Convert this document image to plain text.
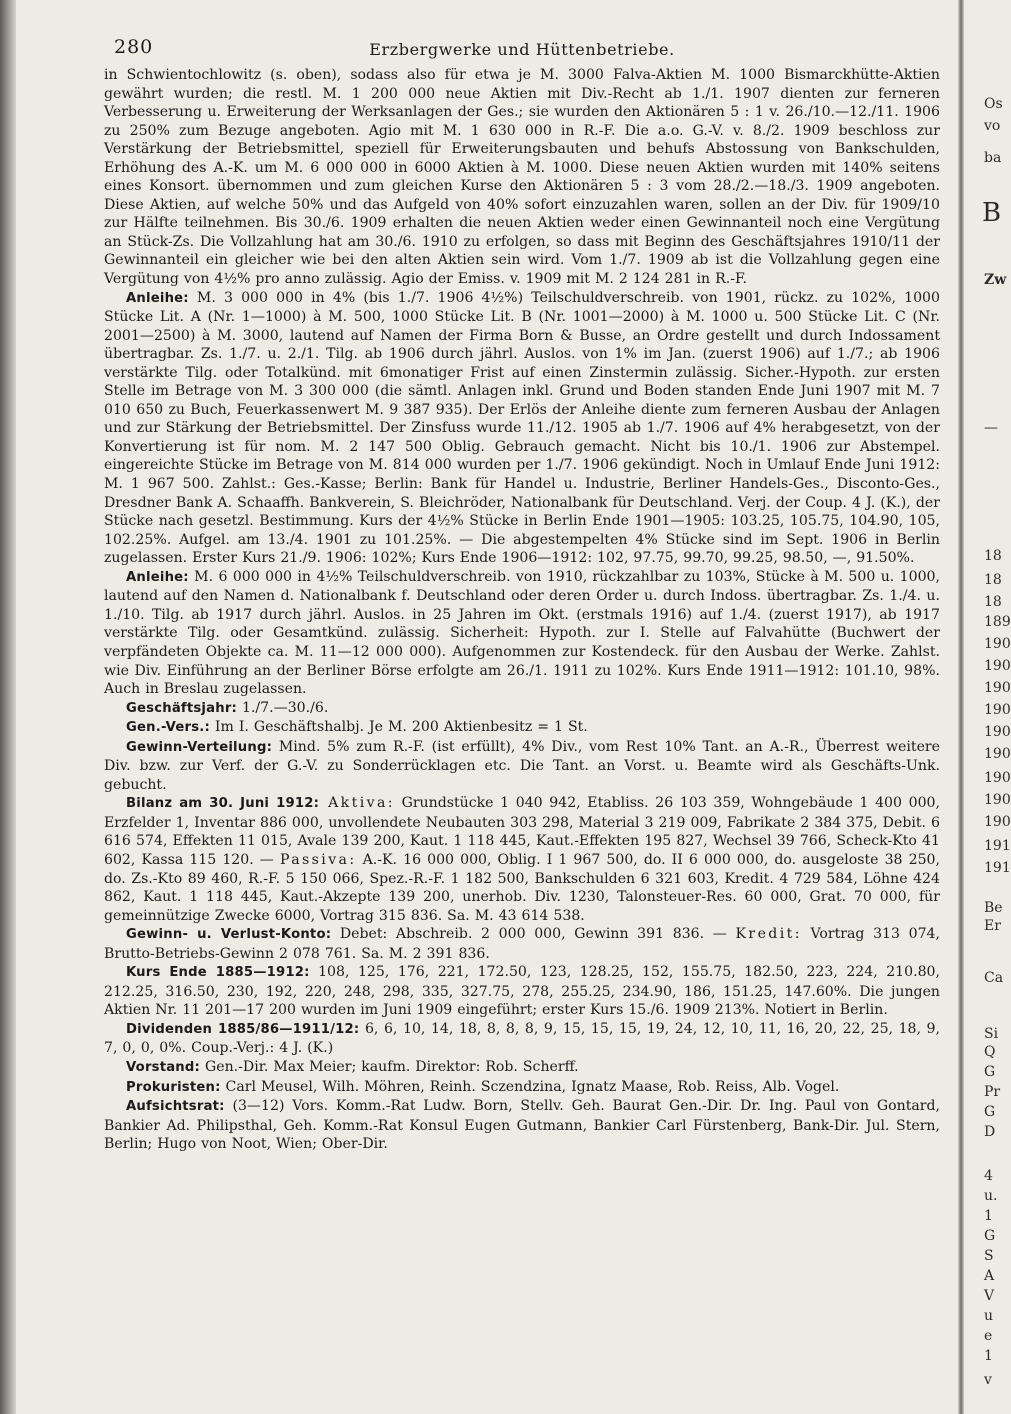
280	Erzbergwerke und Hüttenbetriebe.

in Schwientochlowitz (s. oben), sodass also für etwa je M. 3000 Falva-Aktien M. 1000 Bismarckhütte-Aktien gewährt wurden; die restl. M. 1 200 000 neue Aktien mit Div.-Recht ab 1./1. 1907 dienten zur ferneren Verbesserung u. Erweiterung der Werksanlagen der Ges.; sie wurden den Aktionären 5 : 1 v. 26./10.—12./11. 1906 zu 250% zum Bezuge angeboten. Agio mit M. 1 630 000 in R.-F. Die a.o. G.-V. v. 8./2. 1909 beschloss zur Verstärkung der Betriebsmittel, speziell für Erweiterungsbauten und behufs Abstossung von Bankschulden, Erhöhung des A.-K. um M. 6 000 000 in 6000 Aktien à M. 1000. Diese neuen Aktien wurden mit 140% seitens eines Konsort. übernommen und zum gleichen Kurse den Aktionären 5 : 3 vom 28./2.—18./3. 1909 angeboten. Diese Aktien, auf welche 50% und das Aufgeld von 40% sofort einzuzahlen waren, sollen an der Div. für 1909/10 zur Hälfte teilnehmen. Bis 30./6. 1909 erhalten die neuen Aktien weder einen Gewinnanteil noch eine Vergütung an Stück-Zs. Die Vollzahlung hat am 30./6. 1910 zu erfolgen, so dass mit Beginn des Geschäftsjahres 1910/11 der Gewinnanteil ein gleicher wie bei den alten Aktien sein wird. Vom 1./7. 1909 ab ist die Vollzahlung gegen eine Vergütung von 4½% pro anno zulässig. Agio der Emiss. v. 1909 mit M. 2 124 281 in R.-F.

Anleihe: M. 3 000 000 in 4% (bis 1./7. 1906 4½%) Teilschuldverschreib. von 1901, rückz. zu 102%, 1000 Stücke Lit. A (Nr. 1—1000) à M. 500, 1000 Stücke Lit. B (Nr. 1001—2000) à M. 1000 u. 500 Stücke Lit. C (Nr. 2001—2500) à M. 3000, lautend auf Namen der Firma Born & Busse, an Ordre gestellt und durch Indossament übertragbar. Zs. 1./7. u. 2./1. Tilg. ab 1906 durch jährl. Auslos. von 1% im Jan. (zuerst 1906) auf 1./7.; ab 1906 verstärkte Tilg. oder Totalkünd. mit 6monatiger Frist auf einen Zinstermin zulässig. Sicher.-Hypoth. zur ersten Stelle im Betrage von M. 3 300 000 (die sämtl. Anlagen inkl. Grund und Boden standen Ende Juni 1907 mit M. 7 010 650 zu Buch, Feuerkassenwert M. 9 387 935). Der Erlös der Anleihe diente zum ferneren Ausbau der Anlagen und zur Stärkung der Betriebsmittel. Der Zinsfuss wurde 11./12. 1905 ab 1./7. 1906 auf 4% herabgesetzt, von der Konvertierung ist für nom. M. 2 147 500 Oblig. Gebrauch gemacht. Nicht bis 10./1. 1906 zur Abstempel. eingereichte Stücke im Betrage von M. 814 000 wurden per 1./7. 1906 gekündigt. Noch in Umlauf Ende Juni 1912: M. 1 967 500. Zahlst.: Ges.-Kasse; Berlin: Bank für Handel u. Industrie, Berliner Handels-Ges., Disconto-Ges., Dresdner Bank A. Schaaffh. Bankverein, S. Bleichröder, Nationalbank für Deutschland. Verj. der Coup. 4 J. (K.), der Stücke nach gesetzl. Bestimmung. Kurs der 4½% Stücke in Berlin Ende 1901—1905: 103.25, 105.75, 104.90, 105, 102.25%. Aufgel. am 13./4. 1901 zu 101.25%. — Die abgestempelten 4% Stücke sind im Sept. 1906 in Berlin zugelassen. Erster Kurs 21./9. 1906: 102%; Kurs Ende 1906—1912: 102, 97.75, 99.70, 99.25, 98.50, —, 91.50%.

Anleihe: M. 6 000 000 in 4½% Teilschuldverschreib. von 1910, rückzahlbar zu 103%, Stücke à M. 500 u. 1000, lautend auf den Namen d. Nationalbank f. Deutschland oder deren Order u. durch Indoss. übertragbar. Zs. 1./4. u. 1./10. Tilg. ab 1917 durch jährl. Auslos. in 25 Jahren im Okt. (erstmals 1916) auf 1./4. (zuerst 1917), ab 1917 verstärkte Tilg. oder Gesamtkünd. zulässig. Sicherheit: Hypoth. zur I. Stelle auf Falvahütte (Buchwert der verpfändeten Objekte ca. M. 11—12 000 000). Aufgenommen zur Kostendeck. für den Ausbau der Werke. Zahlst. wie Div. Einführung an der Berliner Börse erfolgte am 26./1. 1911 zu 102%. Kurs Ende 1911—1912: 101.10, 98%. Auch in Breslau zugelassen.

Geschäftsjahr: 1./7.—30./6.

Gen.-Vers.: Im I. Geschäftshalbj. Je M. 200 Aktienbesitz = 1 St.

Gewinn-Verteilung: Mind. 5% zum R.-F. (ist erfüllt), 4% Div., vom Rest 10% Tant. an A.-R., Überrest weitere Div. bzw. zur Verf. der G.-V. zu Sonderrücklagen etc. Die Tant. an Vorst. u. Beamte wird als Geschäfts-Unk. gebucht.

Bilanz am 30. Juni 1912: Aktiva: Grundstücke 1 040 942, Etabliss. 26 103 359, Wohngebäude 1 400 000, Erzfelder 1, Inventar 886 000, unvollendete Neubauten 303 298, Material 3 219 009, Fabrikate 2 384 375, Debit. 6 616 574, Effekten 11 015, Avale 139 200, Kaut. 1 118 445, Kaut.-Effekten 195 827, Wechsel 39 766, Scheck-Kto 41 602, Kassa 115 120. — Passiva: A.-K. 16 000 000, Oblig. I 1 967 500, do. II 6 000 000, do. ausgeloste 38 250, do. Zs.-Kto 89 460, R.-F. 5 150 066, Spez.-R.-F. 1 182 500, Bankschulden 6 321 603, Kredit. 4 729 584, Löhne 424 862, Kaut. 1 118 445, Kaut.-Akzepte 139 200, unerhob. Div. 1230, Talonsteuer-Res. 60 000, Grat. 70 000, für gemeinnützige Zwecke 6000, Vortrag 315 836. Sa. M. 43 614 538.

Gewinn- u. Verlust-Konto: Debet: Abschreib. 2 000 000, Gewinn 391 836. — Kredit: Vortrag 313 074, Brutto-Betriebs-Gewinn 2 078 761. Sa. M. 2 391 836.

Kurs Ende 1885—1912: 108, 125, 176, 221, 172.50, 123, 128.25, 152, 155.75, 182.50, 223, 224, 210.80, 212.25, 316.50, 230, 192, 220, 248, 298, 335, 327.75, 278, 255.25, 234.90, 186, 151.25, 147.60%. Die jungen Aktien Nr. 11 201—17 200 wurden im Juni 1909 eingeführt; erster Kurs 15./6. 1909 213%. Notiert in Berlin.

Dividenden 1885/86—1911/12: 6, 6, 10, 14, 18, 8, 8, 8, 9, 15, 15, 15, 19, 24, 12, 10, 11, 16, 20, 22, 25, 18, 9, 7, 0, 0, 0%. Coup.-Verj.: 4 J. (K.)

Vorstand: Gen.-Dir. Max Meier; kaufm. Direktor: Rob. Scherff.

Prokuristen: Carl Meusel, Wilh. Möhren, Reinh. Sczendzina, Ignatz Maase, Rob. Reiss, Alb. Vogel.

Aufsichtsrat: (3—12) Vors. Komm.-Rat Ludw. Born, Stellv. Geh. Baurat Gen.-Dir. Dr. Ing. Paul von Gontard, Bankier Ad. Philipsthal, Geh. Komm.-Rat Konsul Eugen Gutmann, Bankier Carl Fürstenberg, Bank-Dir. Jul. Stern, Berlin; Hugo von Noot, Wien; Ober-Dir.

Os
vo
ba
B
Zw
—
18
18
18
189
190
190
190
190
190
190
190
190
190
191
191
Be
Er
Ca
Si
Q
G
Pr
G
D
4
u.
1
G
S
A
V
u
e
1
v
